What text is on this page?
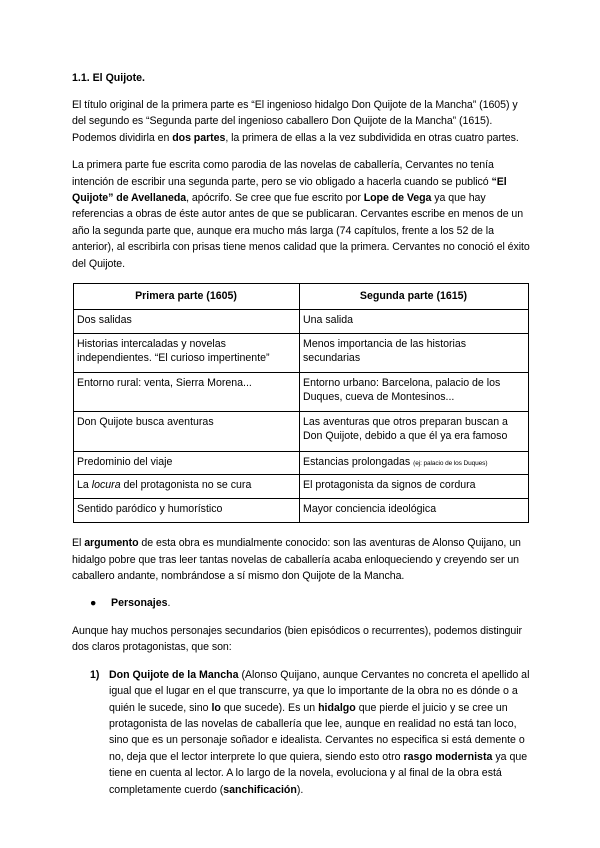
1.1. El Quijote.

El título original de la primera parte es “El ingenioso hidalgo Don Quijote de la Mancha” (1605) y del segundo es “Segunda parte del ingenioso caballero Don Quijote de la Mancha” (1615). Podemos dividirla en dos partes, la primera de ellas a la vez subdividida en otras cuatro partes.

La primera parte fue escrita como parodia de las novelas de caballería, Cervantes no tenía intención de escribir una segunda parte, pero se vio obligado a hacerla cuando se publicó “El Quijote” de Avellaneda, apócrifo. Se cree que fue escrito por Lope de Vega ya que hay referencias a obras de éste autor antes de que se publicaran. Cervantes escribe en menos de un año la segunda parte que, aunque era mucho más larga (74 capítulos, frente a los 52 de la anterior), al escribirla con prisas tiene menos calidad que la primera. Cervantes no conoció el éxito del Quijote.

Primera parte (1605)	Segunda parte (1615)
Dos salidas	Una salida
Historias intercaladas y novelas independientes. “El curioso impertinente”	Menos importancia de las historias secundarias
Entorno rural: venta, Sierra Morena...	Entorno urbano: Barcelona, palacio de los Duques, cueva de Montesinos...
Don Quijote busca aventuras	Las aventuras que otros preparan buscan a Don Quijote, debido a que él ya era famoso
Predominio del viaje	Estancias prolongadas (ej: palacio de los Duques)
La locura del protagonista no se cura	El protagonista da signos de cordura
Sentido paródico y humorístico	Mayor conciencia ideológica

El argumento de esta obra es mundialmente conocido: son las aventuras de Alonso Quijano, un hidalgo pobre que tras leer tantas novelas de caballería acaba enloqueciendo y creyendo ser un caballero andante, nombrándose a sí mismo don Quijote de la Mancha.

● Personajes.

Aunque hay muchos personajes secundarios (bien episódicos o recurrentes), podemos distinguir dos claros protagonistas, que son:

1) Don Quijote de la Mancha (Alonso Quijano, aunque Cervantes no concreta el apellido al igual que el lugar en el que transcurre, ya que lo importante de la obra no es dónde o a quién le sucede, sino lo que sucede). Es un hidalgo que pierde el juicio y se cree un protagonista de las novelas de caballería que lee, aunque en realidad no está tan loco, sino que es un personaje soñador e idealista. Cervantes no especifica si está demente o no, deja que el lector interprete lo que quiera, siendo esto otro rasgo modernista ya que tiene en cuenta al lector. A lo largo de la novela, evoluciona y al final de la obra está completamente cuerdo (sanchificación).
